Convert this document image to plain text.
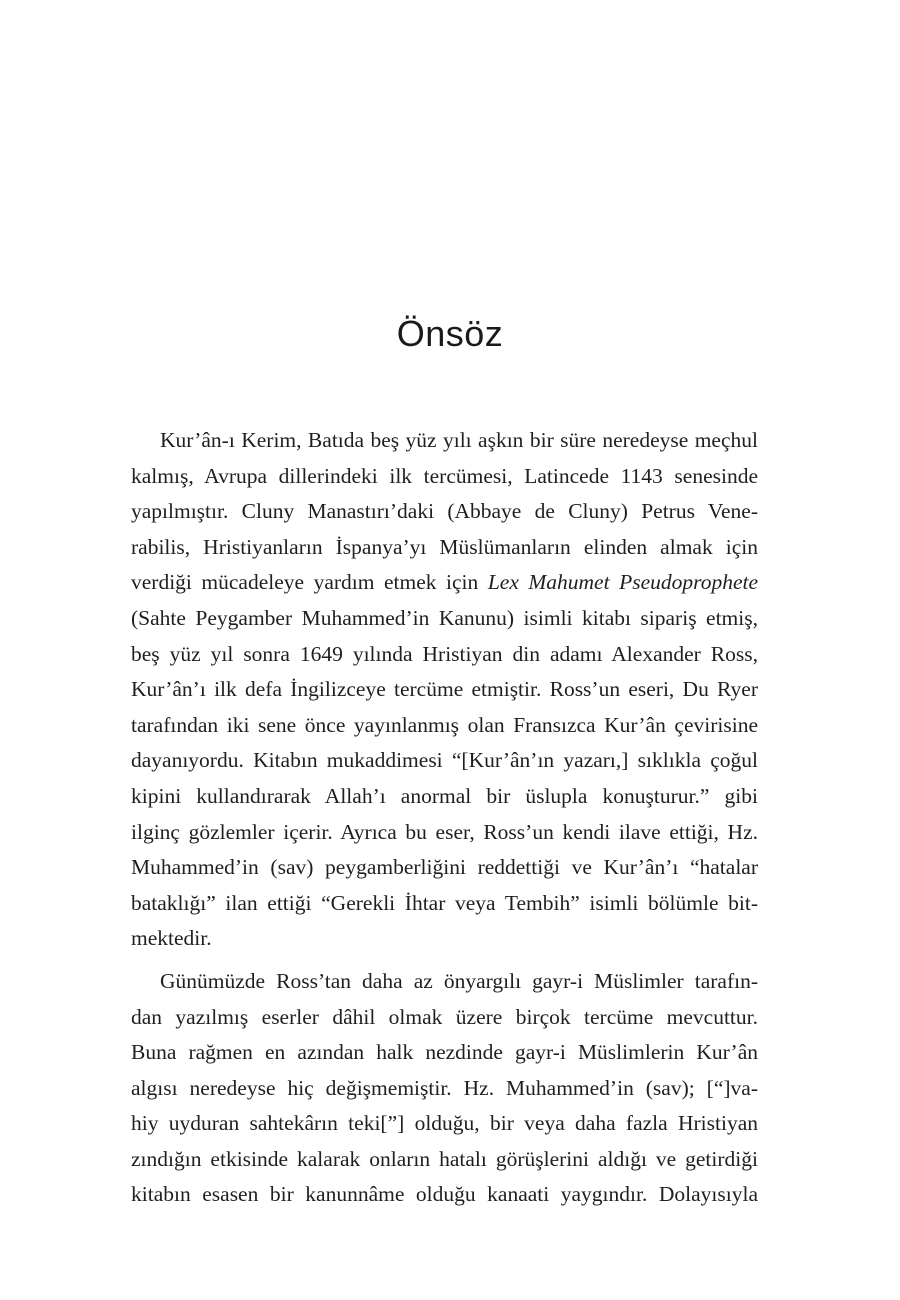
Önsöz
Kur’ân-ı Kerim, Batıda beş yüz yılı aşkın bir süre neredeyse meçhul
kalmış, Avrupa dillerindeki ilk tercümesi, Latincede 1143 senesinde
yapılmıştır. Cluny Manastırı’daki (Abbaye de Cluny) Petrus Vene-
rabilis, Hristiyanların İspanya’yı Müslümanların elinden almak için
verdiği mücadeleye yardım etmek için Lex Mahumet Pseudoprophete
(Sahte Peygamber Muhammed’in Kanunu) isimli kitabı sipariş etmiş,
beş yüz yıl sonra 1649 yılında Hristiyan din adamı Alexander Ross,
Kur’ân’ı ilk defa İngilizceye tercüme etmiştir. Ross’un eseri, Du Ryer
tarafından iki sene önce yayınlanmış olan Fransızca Kur’ân çevirisine
dayanıyordu. Kitabın mukaddimesi “[Kur’ân’ın yazarı,] sıklıkla çoğul
kipini kullandırarak Allah’ı anormal bir üslupla konuşturur.” gibi
ilginç gözlemler içerir. Ayrıca bu eser, Ross’un kendi ilave ettiği, Hz.
Muhammed’in (sav) peygamberliğini reddettiği ve Kur’ân’ı “hatalar
bataklığı” ilan ettiği “Gerekli İhtar veya Tembih” isimli bölümle bit-
mektedir.
Günümüzde Ross’tan daha az önyargılı gayr-i Müslimler tarafın-
dan yazılmış eserler dâhil olmak üzere birçok tercüme mevcuttur.
Buna rağmen en azından halk nezdinde gayr-i Müslimlerin Kur’ân
algısı neredeyse hiç değişmemiştir. Hz. Muhammed’in (sav); [“]va-
hiy uyduran sahtekârın teki[”] olduğu, bir veya daha fazla Hristiyan
zındığın etkisinde kalarak onların hatalı görüşlerini aldığı ve getirdiği
kitabın esasen bir kanunnâme olduğu kanaati yaygındır. Dolayısıyla
